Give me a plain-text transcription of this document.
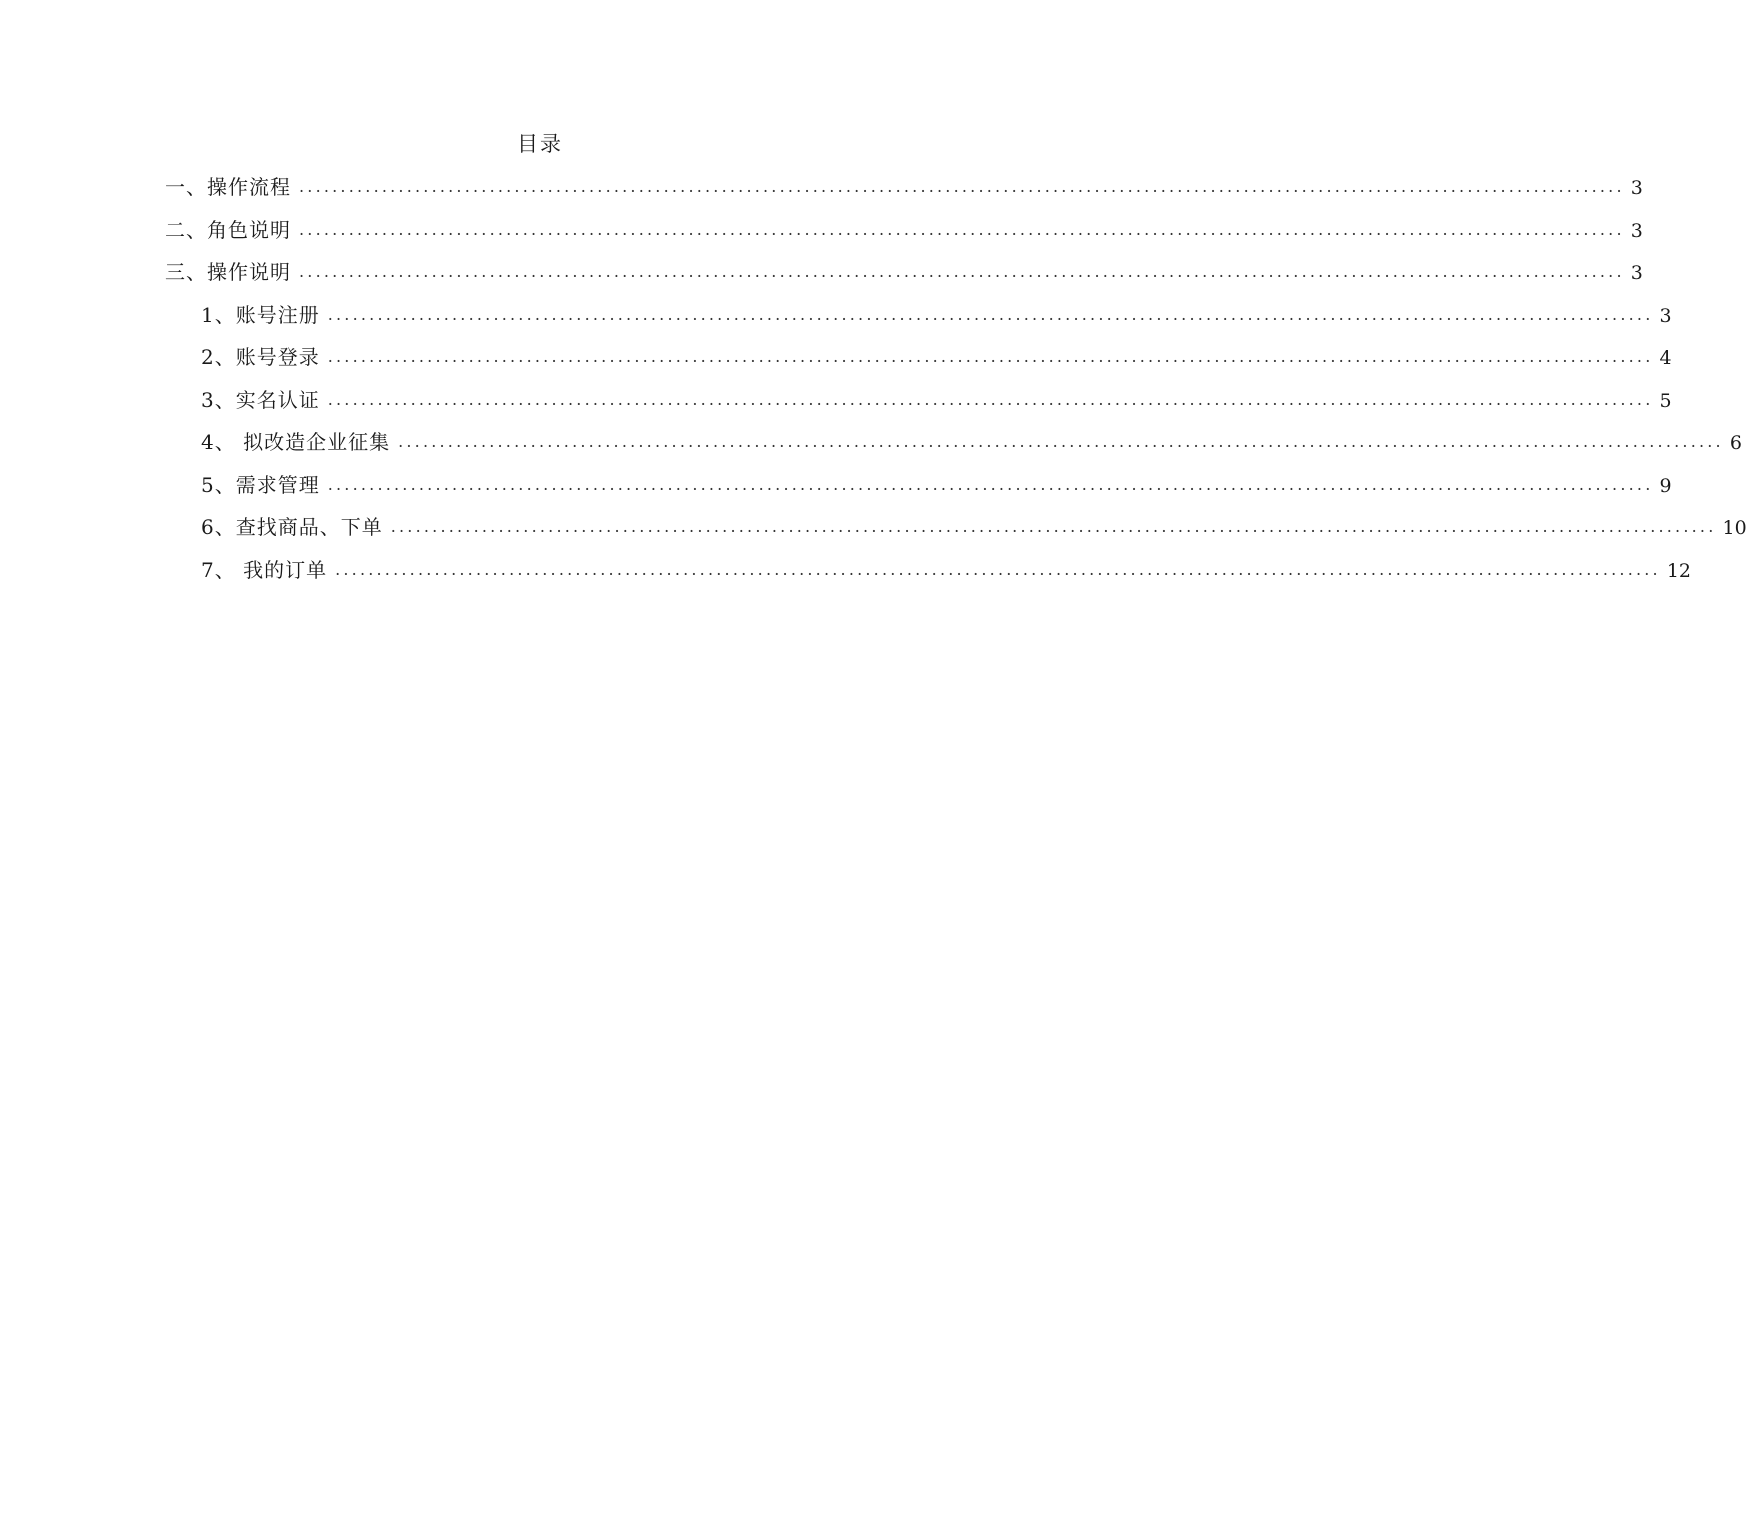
目录
一、操作流程 ................................................................................................................................................................ 3
二、角色说明 ................................................................................................................................................................ 3
三、操作说明 ................................................................................................................................................................ 3
1、账号注册 ................................................................................................................................................................ 3
2、账号登录 ................................................................................................................................................................ 4
3、实名认证 ................................................................................................................................................................ 5
4、 拟改造企业征集 ................................................................................................................................................................ 6
5、需求管理 ................................................................................................................................................................ 9
6、查找商品、下单 ................................................................................................................................................................ 10
7、 我的订单 ................................................................................................................................................................ 12
